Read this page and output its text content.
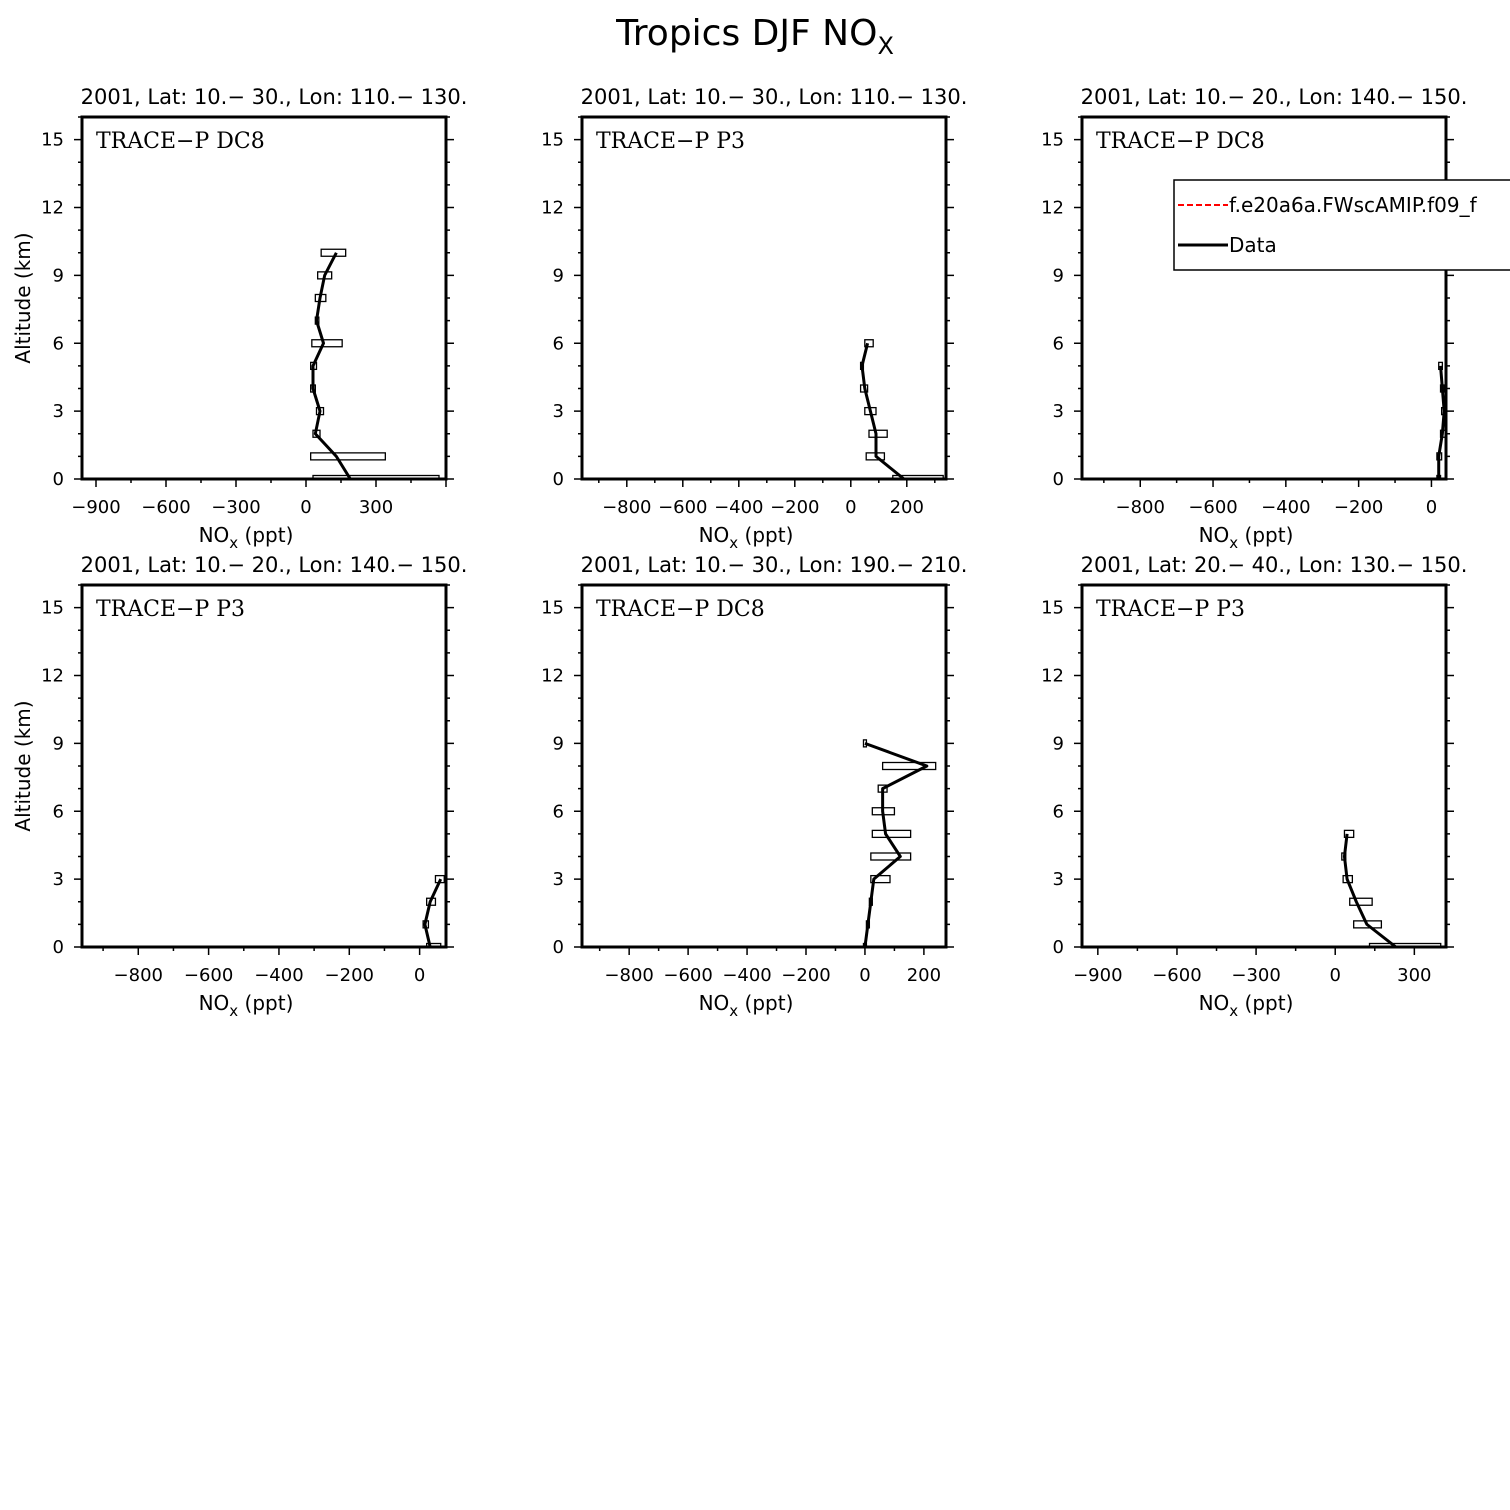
Tropics DJF $NO_X$
2001, Lat: 10.− 30., Lon: 110.− 130.
0
3
6
9
12
15
−900 −600 −300 0	300
$NO_x$ (ppt)
Altitude (km)
TRACE−P DC8
2001, Lat: 10.− 30., Lon: 110.− 130.
0
3
6
9
12
15
−800 −600 −400 −200 0 200
$NO_x$ (ppt)
TRACE−P P3
2001, Lat: 10.− 20., Lon: 140.− 150.
0
3
6
9
12
15
−800 −600 −400 −200 0
$NO_x$ (ppt)
TRACE−P DC8
2001, Lat: 10.− 20., Lon: 140.− 150.
0
3
6
9
12
15
−800 −600 −400 −200 0
$NO_x$ (ppt)
Altitude (km)
TRACE−P P3
2001, Lat: 10.− 30., Lon: 190.− 210.
0
3
6
9
12
15
−800 −600 −400 −200 0 200
$NO_x$ (ppt)
TRACE−P DC8
2001, Lat: 20.− 40., Lon: 130.− 150.
0
3
6
9
12
15
−900 −600 −300	0	300
$NO_x$ (ppt)
TRACE−P P3
f.e20a6a.FWscAMIP.f09_f
Data
